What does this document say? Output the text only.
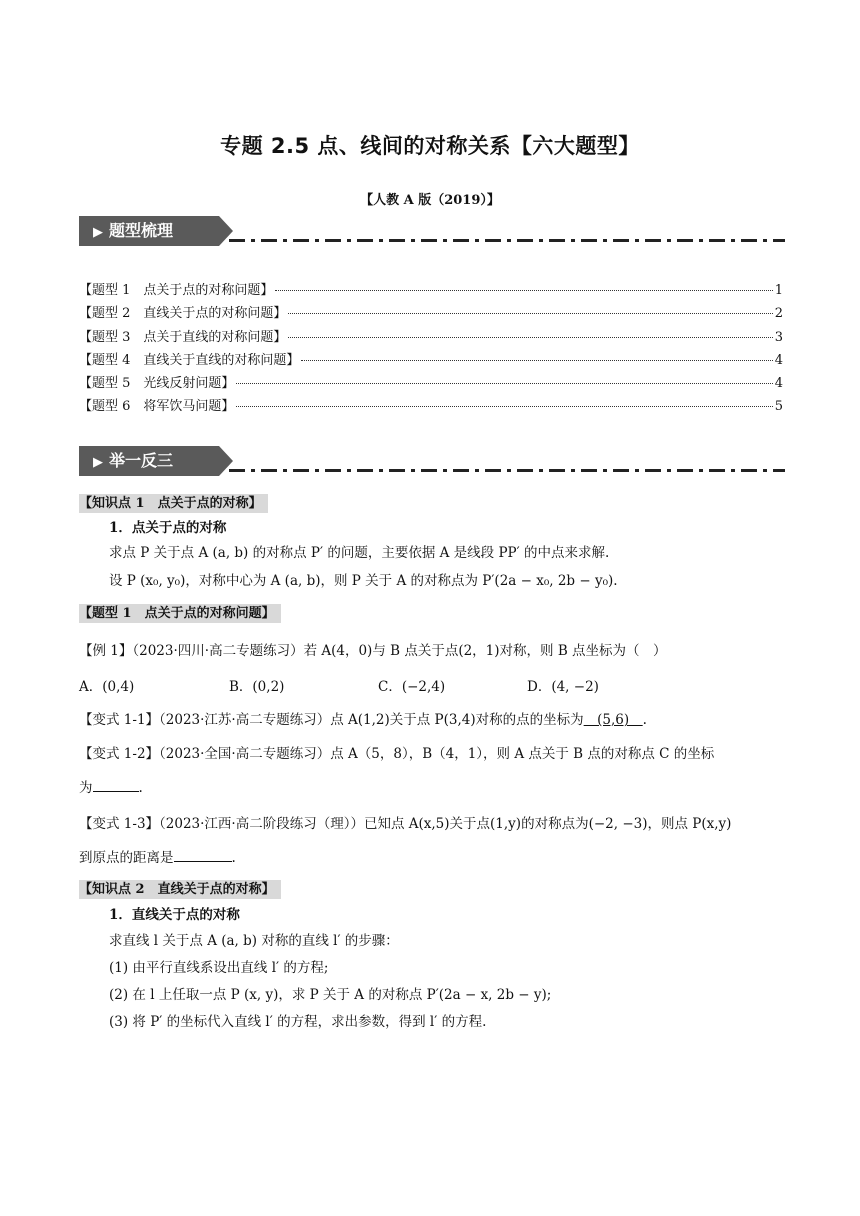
专题 2.5 点、线间的对称关系【六大题型】
【人教 A 版（2019）】
▶ 题型梳理
【题型 1　点关于点的对称问题】	1
【题型 2　直线关于点的对称问题】	2
【题型 3　点关于直线的对称问题】	3
【题型 4　直线关于直线的对称问题】	4
【题型 5　光线反射问题】	4
【题型 6　将军饮马问题】	5
▶ 举一反三
【知识点 1　点关于点的对称】
1．点关于点的对称
求点 P 关于点 A (a, b) 的对称点 P′ 的问题，主要依据 A 是线段 PP′ 的中点来求解.
设 P (x₀, y₀)，对称中心为 A (a, b)，则 P 关于 A 的对称点为 P′(2a − x₀, 2b − y₀).
【题型 1　点关于点的对称问题】
【例 1】（2023·四川·高二专题练习）若 A(4，0)与 B 点关于点(2，1)对称，则 B 点坐标为（　）
A．(0,4)	B．(0,2)	C．(−2,4)	D．(4, −2)
【变式 1-1】（2023·江苏·高二专题练习）点 A(1,2)关于点 P(3,4)对称的点的坐标为　(5,6)　.
【变式 1-2】（2023·全国·高二专题练习）点 A（5，8），B（4，1），则 A 点关于 B 点的对称点 C 的坐标
为	.
【变式 1-3】（2023·江西·高二阶段练习（理））已知点 A(x,5)关于点(1,y)的对称点为(−2, −3)，则点 P(x,y)
到原点的距离是	.
【知识点 2　直线关于点的对称】
1．直线关于点的对称
求直线 l 关于点 A (a, b) 对称的直线 l′ 的步骤：
(1) 由平行直线系设出直线 l′ 的方程;
(2) 在 l 上任取一点 P (x, y)，求 P 关于 A 的对称点 P′(2a − x, 2b − y);
(3) 将 P′ 的坐标代入直线 l′ 的方程，求出参数，得到 l′ 的方程.
